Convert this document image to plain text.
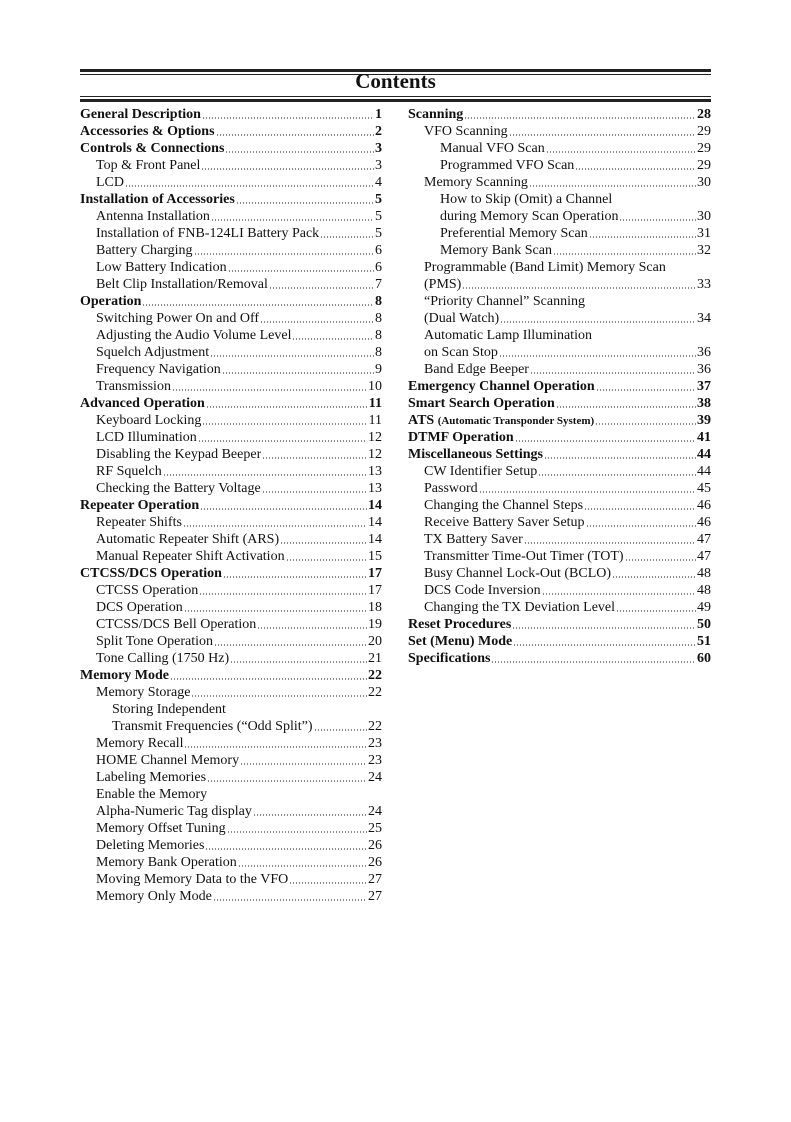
Contents
General Description	1
Accessories & Options	2
Controls & Connections	3
Top & Front Panel	3
LCD	4
Installation of Accessories	5
Antenna Installation	5
Installation of FNB-124LI Battery Pack	5
Battery Charging	6
Low Battery Indication	6
Belt Clip Installation/Removal	7
Operation	8
Switching Power On and Off	8
Adjusting the Audio Volume Level	8
Squelch Adjustment	8
Frequency Navigation	9
Transmission	10
Advanced Operation	11
Keyboard Locking	11
LCD Illumination	12
Disabling the Keypad Beeper	12
RF Squelch	13
Checking the Battery Voltage	13
Repeater Operation	14
Repeater Shifts	14
Automatic Repeater Shift (ARS)	14
Manual Repeater Shift Activation	15
CTCSS/DCS Operation	17
CTCSS Operation	17
DCS Operation	18
CTCSS/DCS Bell Operation	19
Split Tone Operation	20
Tone Calling (1750 Hz)	21
Memory Mode	22
Memory Storage	22
Storing Independent
Transmit Frequencies (“Odd Split”)	22
Memory Recall	23
HOME Channel Memory	23
Labeling Memories	24
Enable the Memory
Alpha-Numeric Tag display	24
Memory Offset Tuning	25
Deleting Memories	26
Memory Bank Operation	26
Moving Memory Data to the VFO	27
Memory Only Mode	27
Scanning	28
VFO Scanning	29
Manual VFO Scan	29
Programmed VFO Scan	29
Memory Scanning	30
How to Skip (Omit) a Channel
during Memory Scan Operation	30
Preferential Memory Scan	31
Memory Bank Scan	32
Programmable (Band Limit) Memory Scan
(PMS)	33
“Priority Channel” Scanning
(Dual Watch)	34
Automatic Lamp Illumination
on Scan Stop	36
Band Edge Beeper	36
Emergency Channel Operation	37
Smart Search Operation	38
ATS (Automatic Transponder System)	39
DTMF Operation	41
Miscellaneous Settings	44
CW Identifier Setup	44
Password	45
Changing the Channel Steps	46
Receive Battery Saver Setup	46
TX Battery Saver	47
Transmitter Time-Out Timer (TOT)	47
Busy Channel Lock-Out (BCLO)	48
DCS Code Inversion	48
Changing the TX Deviation Level	49
Reset Procedures	50
Set (Menu) Mode	51
Specifications	60
